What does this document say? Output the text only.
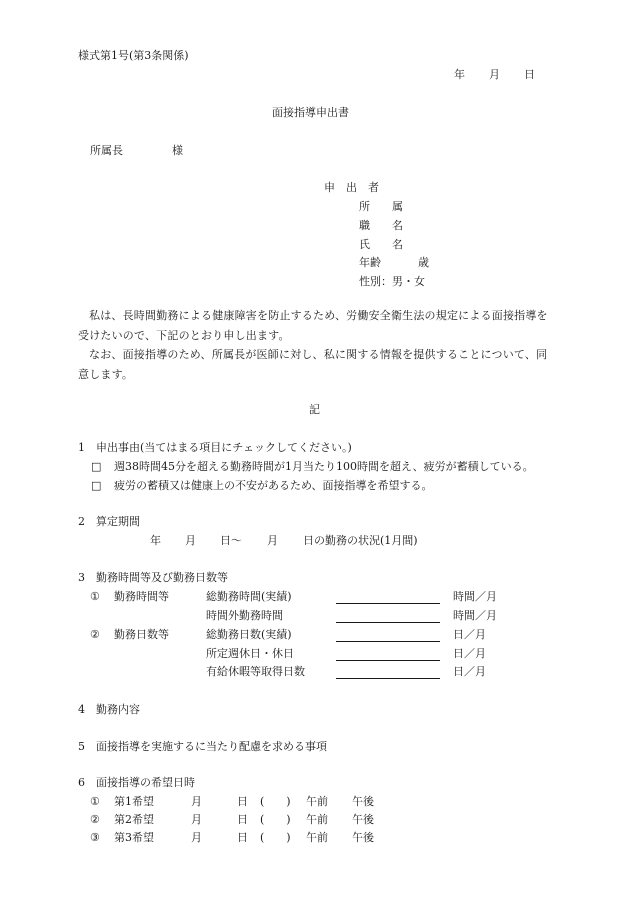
様式第1号(第3条関係)
年 月 日
面接指導申出書
所属長	様
申　出　者
所　　属
職　　名
氏　　名
年齢	歳
性別：男・女
私は、長時間勤務による健康障害を防止するため、労働安全衛生法の規定による面接指導を受けたいので、下記のとおり申し出ます。
なお、面接指導のため、所属長が医師に対し、私に関する情報を提供することについて、同意します。
記
1　申出事由(当てはまる項目にチェックしてください。)
□ 週38時間45分を超える勤務時間が1月当たり100時間を超え、疲労が蓄積している。
□ 疲労の蓄積又は健康上の不安があるため、面接指導を希望する。
2　算定期間
年 月 日〜 月 日の勤務の状況(1月間)
3　勤務時間等及び勤務日数等
① 勤務時間等	総勤務時間(実績)	時間／月
時間外勤務時間	時間／月
② 勤務日数等	総勤務日数(実績)	日／月
所定週休日・休日	日／月
有給休暇等取得日数	日／月
4　勤務内容
5　面接指導を実施するに当たり配慮を求める事項
6　面接指導の希望日時
① 第1希望	月	日 (　　) 午前 午後
② 第2希望	月	日 (　　) 午前 午後
③ 第3希望	月	日 (　　) 午前 午後
